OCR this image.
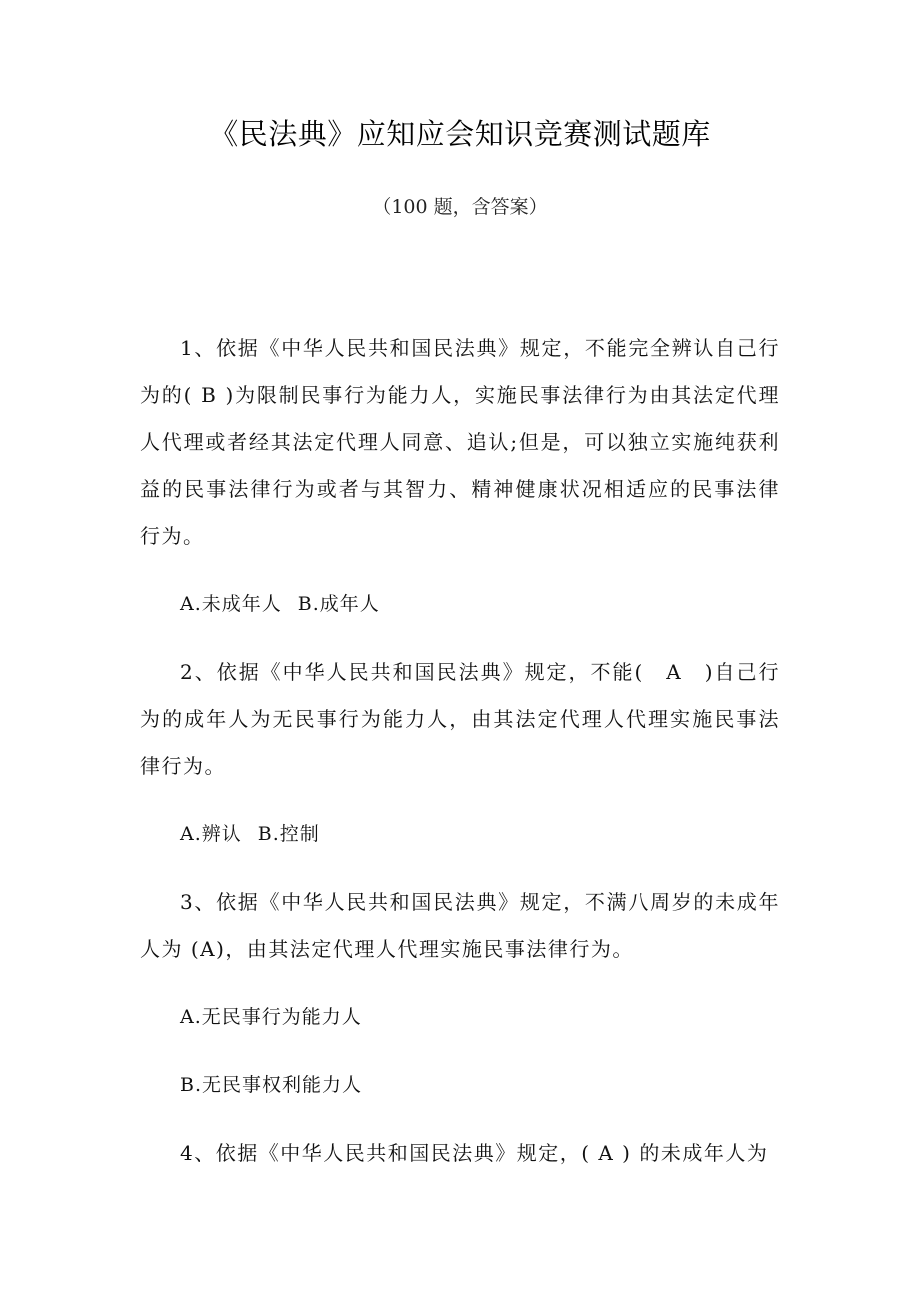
《民法典》应知应会知识竞赛测试题库
（100 题，含答案）

1、依据《中华人民共和国民法典》规定，不能完全辨认自己行为的( B )为限制民事行为能力人，实施民事法律行为由其法定代理人代理或者经其法定代理人同意、追认;但是，可以独立实施纯获利益的民事法律行为或者与其智力、精神健康状况相适应的民事法律行为。

A.未成年人 B.成年人

2、依据《中华人民共和国民法典》规定，不能(　A　)自己行为的成年人为无民事行为能力人，由其法定代理人代理实施民事法律行为。

A.辨认 B.控制

3、依据《中华人民共和国民法典》规定，不满八周岁的未成年人为 (A)，由其法定代理人代理实施民事法律行为。

A.无民事行为能力人

B.无民事权利能力人

4、依据《中华人民共和国民法典》规定，( A ) 的未成年人为
